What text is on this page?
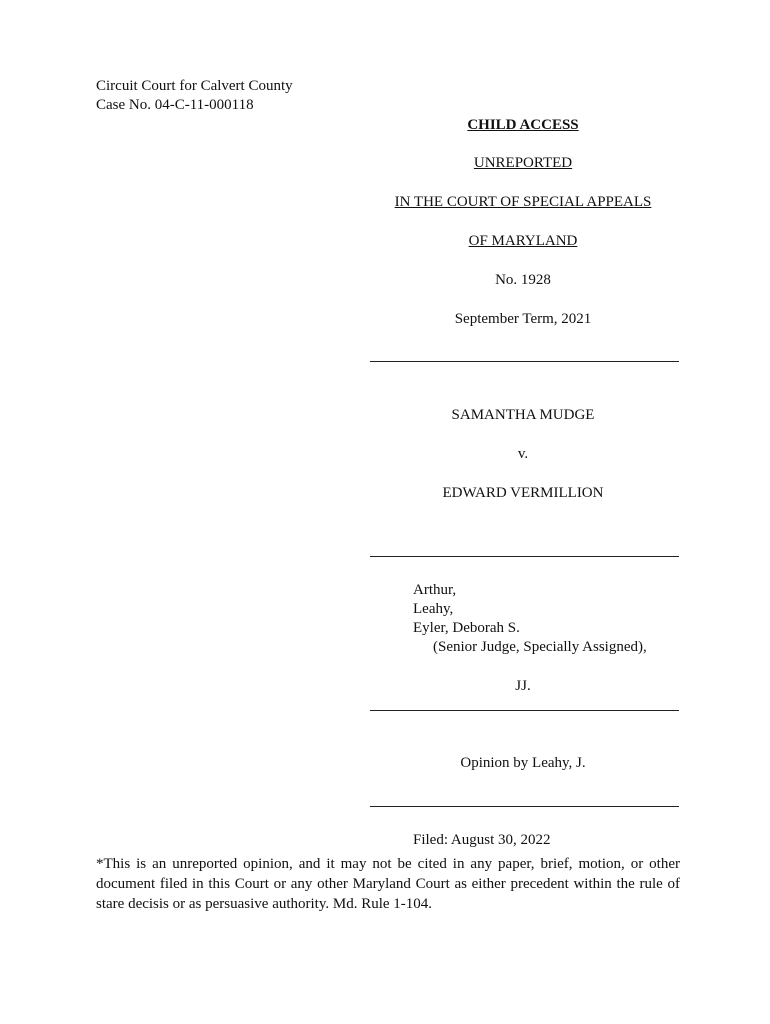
Circuit Court for Calvert County
Case No. 04-C-11-000118
CHILD ACCESS
UNREPORTED
IN THE COURT OF SPECIAL APPEALS
OF MARYLAND
No. 1928
September Term, 2021
SAMANTHA MUDGE
v.
EDWARD VERMILLION
Arthur,
Leahy,
Eyler, Deborah S.
(Senior Judge, Specially Assigned),
JJ.
Opinion by Leahy, J.
Filed: August 30, 2022
*This is an unreported opinion, and it may not be cited in any paper, brief, motion, or other document filed in this Court or any other Maryland Court as either precedent within the rule of stare decisis or as persuasive authority. Md. Rule 1-104.
